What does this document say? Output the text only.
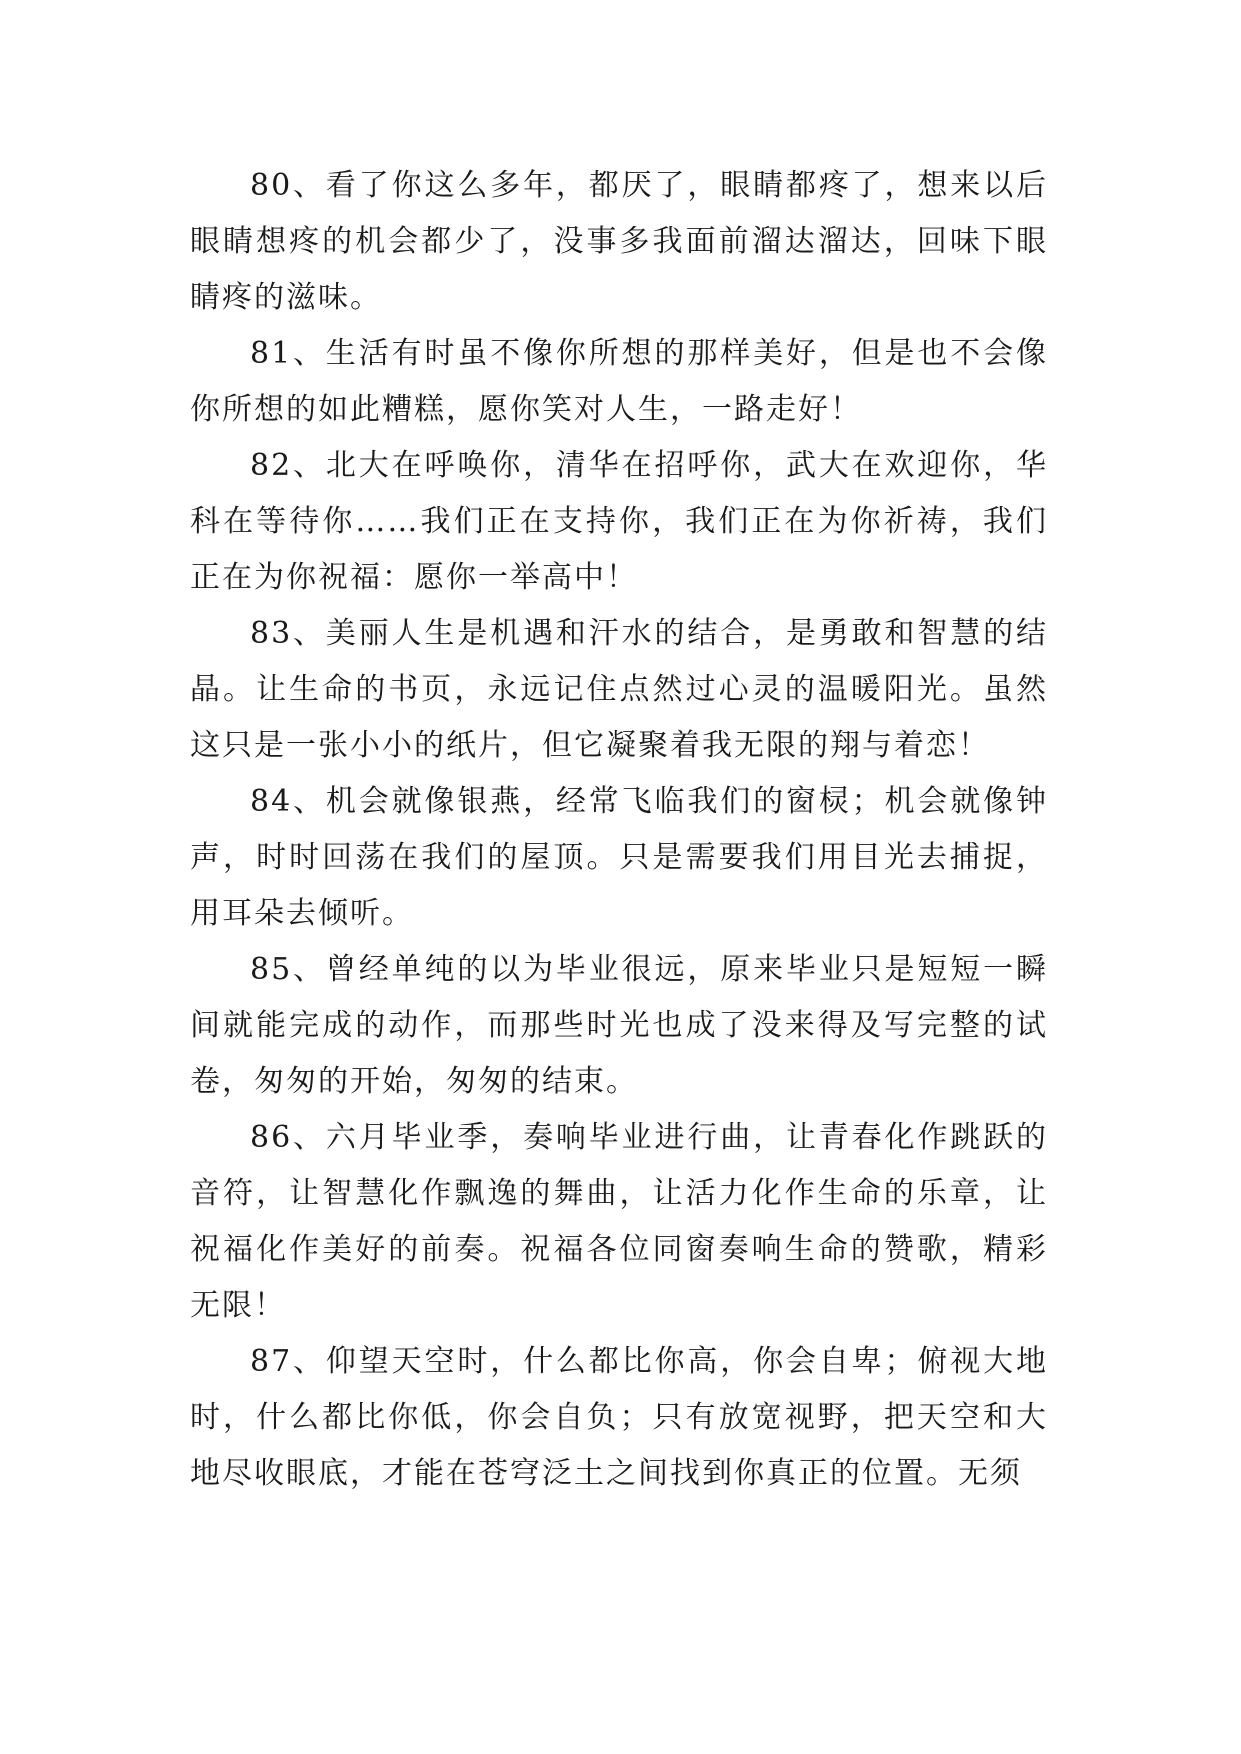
80、看了你这么多年，都厌了，眼睛都疼了，想来以后眼睛想疼的机会都少了，没事多我面前溜达溜达，回味下眼睛疼的滋味。

81、生活有时虽不像你所想的那样美好，但是也不会像你所想的如此糟糕，愿你笑对人生，一路走好！

82、北大在呼唤你，清华在招呼你，武大在欢迎你，华科在等待你……我们正在支持你，我们正在为你祈祷，我们正在为你祝福：愿你一举高中！

83、美丽人生是机遇和汗水的结合，是勇敢和智慧的结晶。让生命的书页，永远记住点然过心灵的温暖阳光。虽然这只是一张小小的纸片，但它凝聚着我无限的翔与着恋！

84、机会就像银燕，经常飞临我们的窗棂；机会就像钟声，时时回荡在我们的屋顶。只是需要我们用目光去捕捉，用耳朵去倾听。

85、曾经单纯的以为毕业很远，原来毕业只是短短一瞬间就能完成的动作，而那些时光也成了没来得及写完整的试卷，匆匆的开始，匆匆的结束。

86、六月毕业季，奏响毕业进行曲，让青春化作跳跃的音符，让智慧化作飘逸的舞曲，让活力化作生命的乐章，让祝福化作美好的前奏。祝福各位同窗奏响生命的赞歌，精彩无限！

87、仰望天空时，什么都比你高，你会自卑；俯视大地时，什么都比你低，你会自负；只有放宽视野，把天空和大地尽收眼底，才能在苍穹泛土之间找到你真正的位置。无须
